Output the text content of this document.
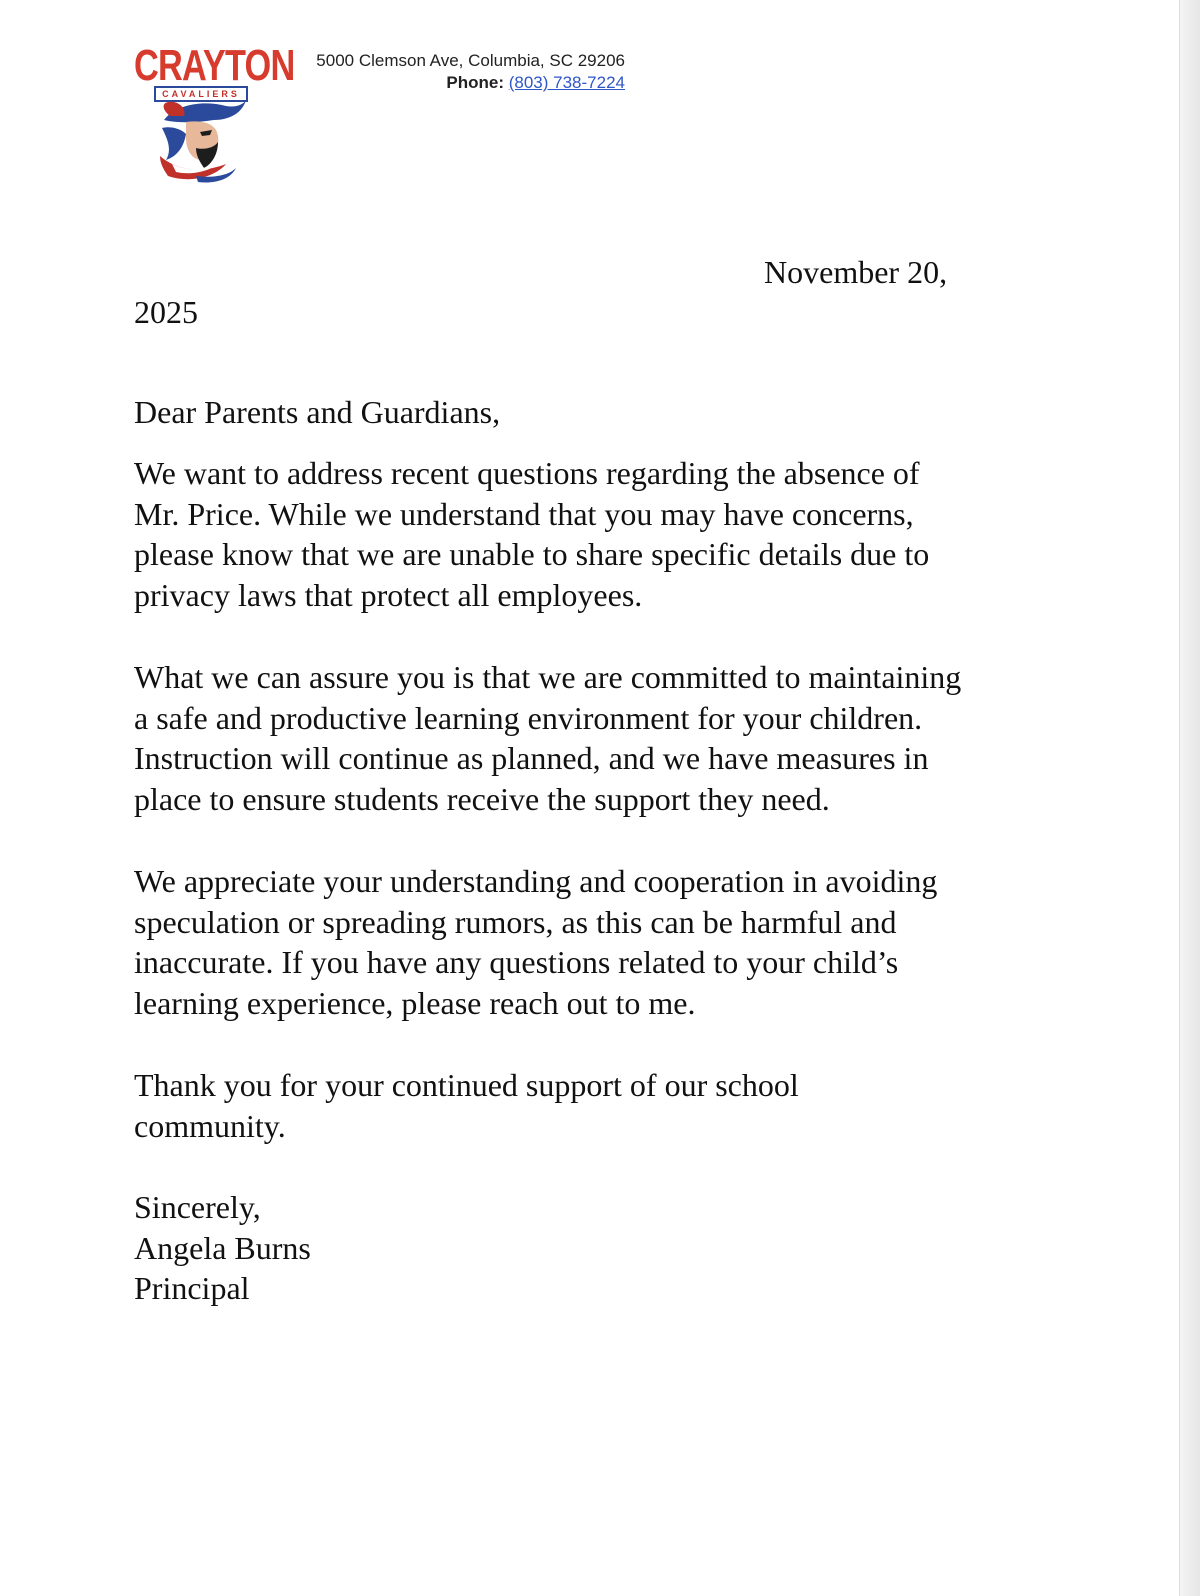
CRAYTON
CAVALIERS
5000 Clemson Ave, Columbia, SC 29206
Phone: (803) 738-7224
November 20,
2025
Dear Parents and Guardians,

We want to address recent questions regarding the absence of
Mr. Price. While we understand that you may have concerns,
please know that we are unable to share specific details due to
privacy laws that protect all employees.

What we can assure you is that we are committed to maintaining
a safe and productive learning environment for your children.
Instruction will continue as planned, and we have measures in
place to ensure students receive the support they need.

We appreciate your understanding and cooperation in avoiding
speculation or spreading rumors, as this can be harmful and
inaccurate. If you have any questions related to your child’s
learning experience, please reach out to me.

Thank you for your continued support of our school
community.

Sincerely,
Angela Burns
Principal
